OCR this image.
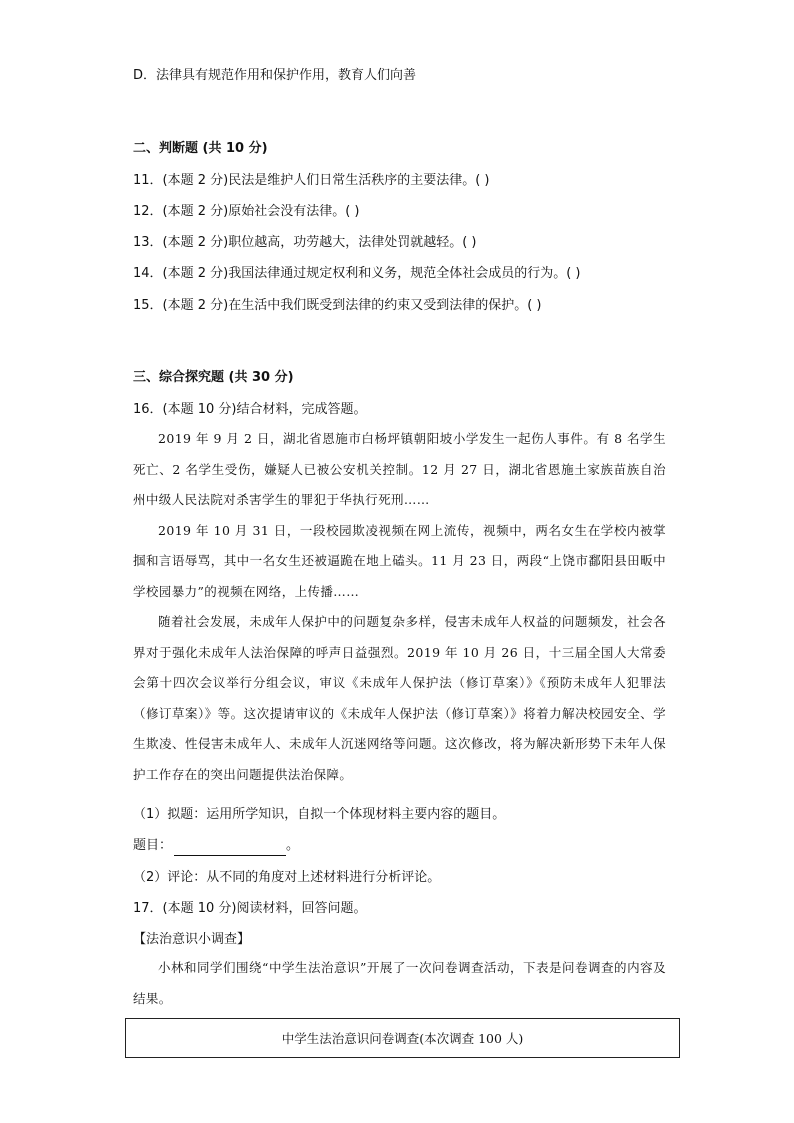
D．法律具有规范作用和保护作用，教育人们向善
二、判断题 (共 10 分)
11．(本题 2 分)民法是维护人们日常生活秩序的主要法律。( )
12．(本题 2 分)原始社会没有法律。( )
13．(本题 2 分)职位越高，功劳越大，法律处罚就越轻。( )
14．(本题 2 分)我国法律通过规定权利和义务，规范全体社会成员的行为。( )
15．(本题 2 分)在生活中我们既受到法律的约束又受到法律的保护。( )
三、综合探究题 (共 30 分)
16．(本题 10 分)结合材料，完成答题。

2019 年 9 月 2 日，湖北省恩施市白杨坪镇朝阳坡小学发生一起伤人事件。有 8 名学生死亡、2 名学生受伤，嫌疑人已被公安机关控制。12 月 27 日，湖北省恩施土家族苗族自治州中级人民法院对杀害学生的罪犯于华执行死刑……

2019 年 10 月 31 日，一段校园欺凌视频在网上流传，视频中，两名女生在学校内被掌掴和言语辱骂，其中一名女生还被逼跪在地上磕头。11 月 23 日，两段“上饶市鄱阳县田畈中学校园暴力”的视频在网络，上传播……

随着社会发展，未成年人保护中的问题复杂多样，侵害未成年人权益的问题频发，社会各界对于强化未成年人法治保障的呼声日益强烈。2019 年 10 月 26 日，十三届全国人大常委会第十四次会议举行分组会议，审议《未成年人保护法（修订草案）》《预防未成年人犯罪法（修订草案）》等。这次提请审议的《未成年人保护法（修订草案）》将着力解决校园安全、学生欺凌、性侵害未成年人、未成年人沉迷网络等问题。这次修改，将为解决新形势下未年人保护工作存在的突出问题提供法治保障。

（1）拟题：运用所学知识，自拟一个体现材料主要内容的题目。
题目：	。
（2）评论：从不同的角度对上述材料进行分析评论。
17．(本题 10 分)阅读材料，回答问题。
【法治意识小调查】

小林和同学们围绕“中学生法治意识”开展了一次问卷调查活动，下表是问卷调查的内容及结果。

中学生法治意识问卷调查(本次调查 100 人)
